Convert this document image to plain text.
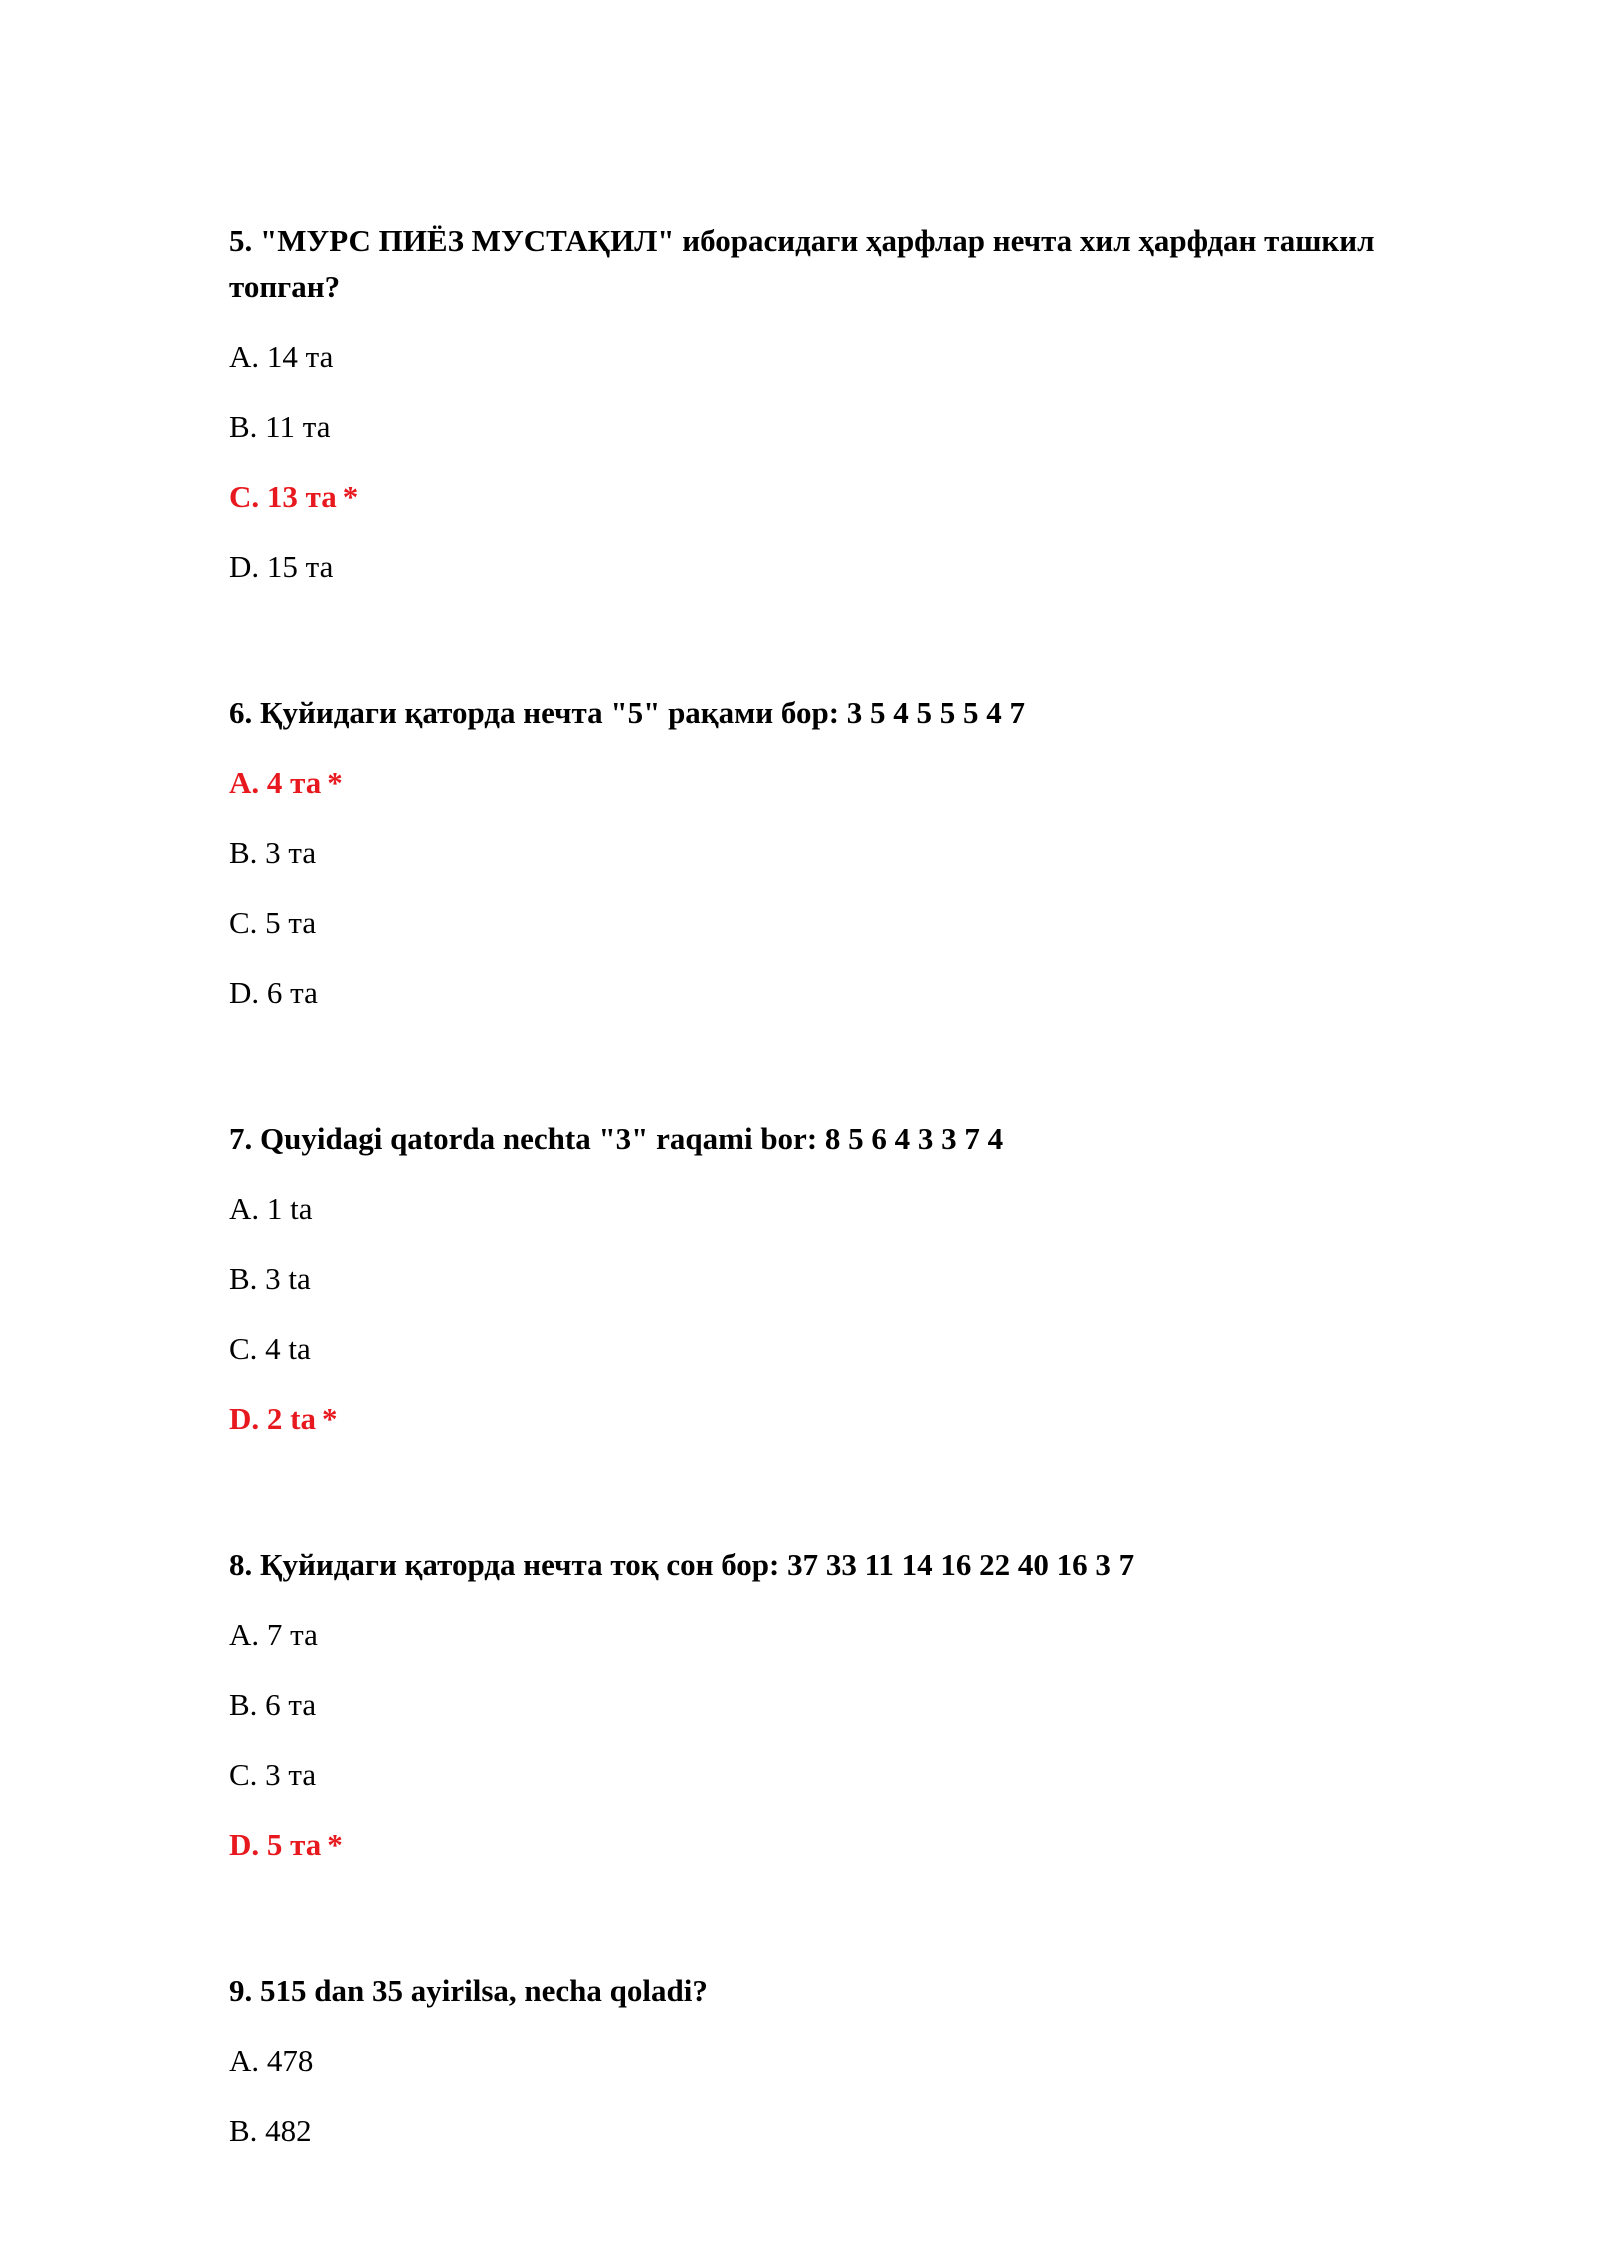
5. "МУРС ПИЁЗ МУСТАҚИЛ" иборасидаги ҳарфлар нечта хил ҳарфдан ташкил топган?

A. 14 та
B. 11 та
C. 13 та *
D. 15 та

6. Қуйидаги қаторда нечта "5" рақами бор: 3 5 4 5 5 5 4 7

A. 4 та *
B. 3 та
C. 5 та
D. 6 та

7. Quyidagi qatorda nechta "3" raqami bor: 8 5 6 4 3 3 7 4

A. 1 ta
B. 3 ta
C. 4 ta
D. 2 ta *

8. Қуйидаги қаторда нечта тоқ сон бор: 37 33 11 14 16 22 40 16 3 7

A. 7 та
B. 6 та
C. 3 та
D. 5 та *

9. 515 dan 35 ayirilsa, necha qoladi?

A. 478
B. 482
